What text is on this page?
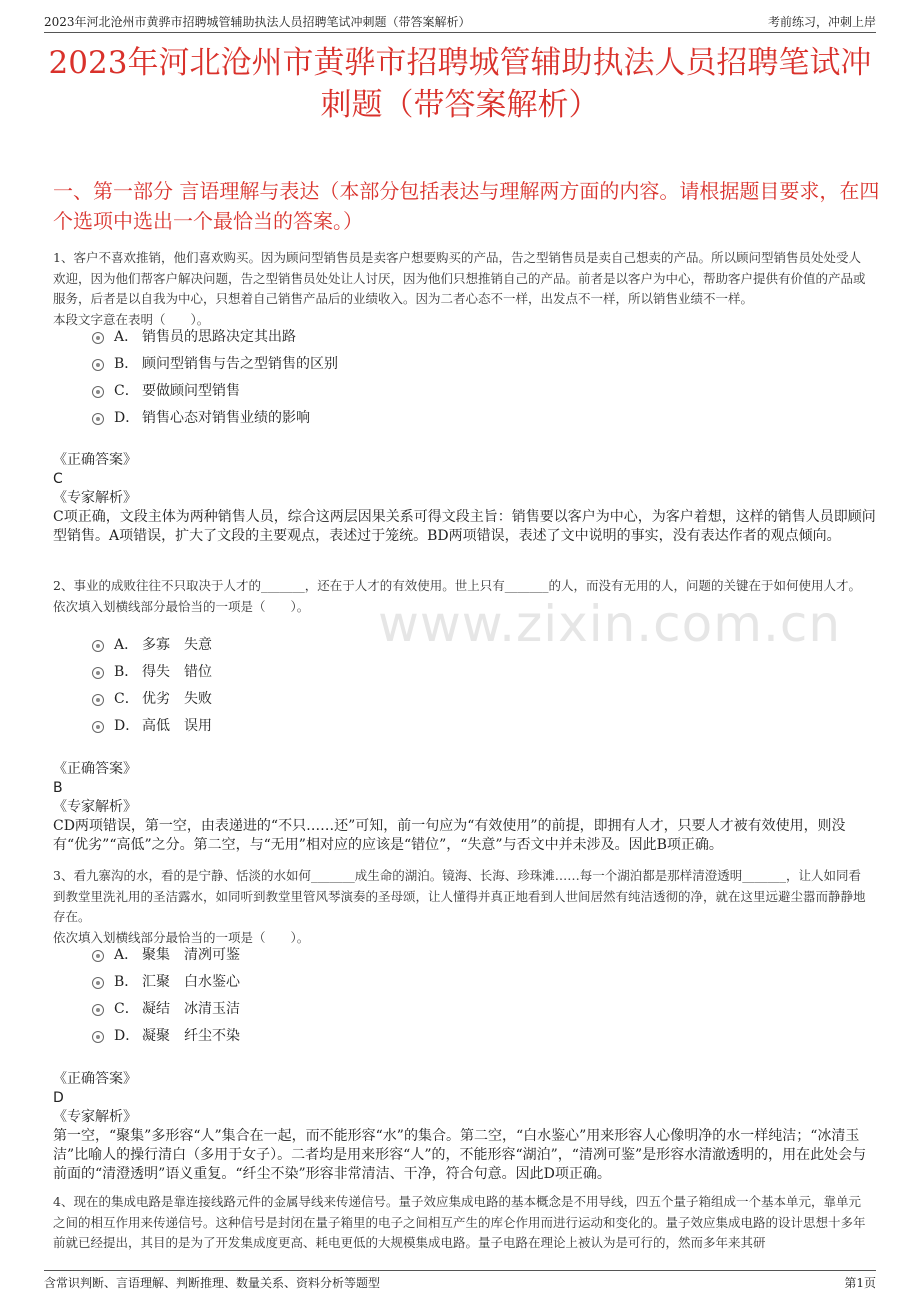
2023年河北沧州市黄骅市招聘城管辅助执法人员招聘笔试冲刺题（带答案解析）	考前练习，冲刺上岸
2023年河北沧州市黄骅市招聘城管辅助执法人员招聘笔试冲刺题（带答案解析）
一、第一部分 言语理解与表达（本部分包括表达与理解两方面的内容。请根据题目要求，在四个选项中选出一个最恰当的答案。）
www.zixin.com.cn
1、客户不喜欢推销，他们喜欢购买。因为顾问型销售员是卖客户想要购买的产品，告之型销售员是卖自己想卖的产品。所以顾问型销售员处处受人欢迎，因为他们帮客户解决问题，告之型销售员处处让人讨厌，因为他们只想推销自己的产品。前者是以客户为中心，帮助客户提供有价值的产品或服务，后者是以自我为中心，只想着自己销售产品后的业绩收入。因为二者心态不一样，出发点不一样，所以销售业绩不一样。
本段文字意在表明（　　）。
A． 销售员的思路决定其出路
B． 顾问型销售与告之型销售的区别
C． 要做顾问型销售
D． 销售心态对销售业绩的影响
《正确答案》
C
《专家解析》
C项正确，文段主体为两种销售人员，综合这两层因果关系可得文段主旨：销售要以客户为中心，为客户着想，这样的销售人员即顾问型销售。A项错误，扩大了文段的主要观点，表述过于笼统。BD两项错误，表述了文中说明的事实，没有表达作者的观点倾向。
2、事业的成败往往不只取决于人才的_______，还在于人才的有效使用。世上只有_______的人，而没有无用的人，问题的关键在于如何使用人才。
依次填入划横线部分最恰当的一项是（　　）。
A． 多寡　失意
B． 得失　错位
C． 优劣　失败
D． 高低　误用
《正确答案》
B
《专家解析》
CD两项错误，第一空，由表递进的“不只……还”可知，前一句应为“有效使用”的前提，即拥有人才，只要人才被有效使用，则没有“优劣”“高低”之分。第二空，与“无用”相对应的应该是“错位”，“失意”与否文中并未涉及。因此B项正确。
3、看九寨沟的水，看的是宁静、恬淡的水如何_______成生命的湖泊。镜海、长海、珍珠滩……每一个湖泊都是那样清澄透明_______，让人如同看到教堂里洗礼用的圣洁露水，如同听到教堂里管风琴演奏的圣母颂，让人懂得并真正地看到人世间居然有纯洁透彻的净，就在这里远避尘嚣而静静地存在。
依次填入划横线部分最恰当的一项是（　　）。
A． 聚集　清冽可鉴
B． 汇聚　白水鉴心
C． 凝结　冰清玉洁
D． 凝聚　纤尘不染
《正确答案》
D
《专家解析》
第一空，“聚集”多形容“人”集合在一起，而不能形容“水”的集合。第二空，“白水鉴心”用来形容人心像明净的水一样纯洁；“冰清玉洁”比喻人的操行清白（多用于女子）。二者均是用来形容“人”的，不能形容“湖泊”，“清冽可鉴”是形容水清澈透明的，用在此处会与前面的“清澄透明”语义重复。“纤尘不染”形容非常清洁、干净，符合句意。因此D项正确。
4、现在的集成电路是靠连接线路元件的金属导线来传递信号。量子效应集成电路的基本概念是不用导线，四五个量子箱组成一个基本单元，靠单元之间的相互作用来传递信号。这种信号是封闭在量子箱里的电子之间相互产生的库仑作用而进行运动和变化的。量子效应集成电路的设计思想十多年前就已经提出，其目的是为了开发集成度更高、耗电更低的大规模集成电路。量子电路在理论上被认为是可行的，然而多年来其研
含常识判断、言语理解、判断推理、数量关系、资料分析等题型	第1页
